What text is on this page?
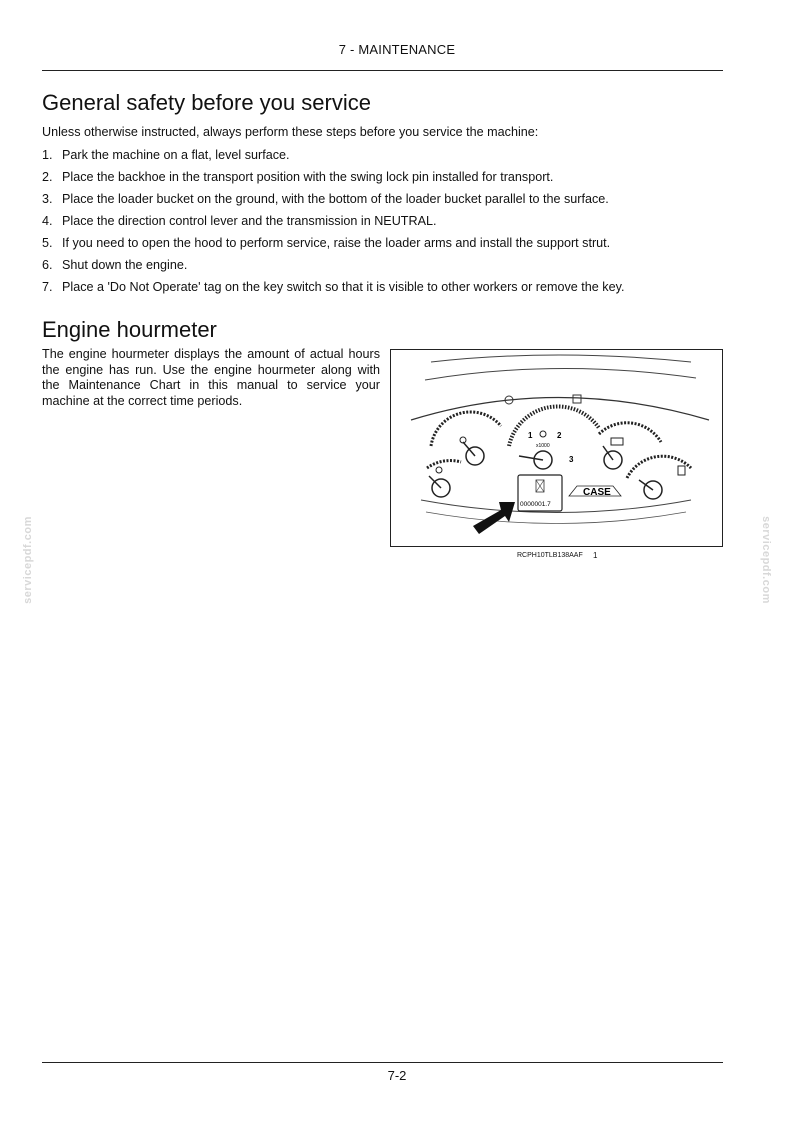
7 - MAINTENANCE
General safety before you service
Unless otherwise instructed, always perform these steps before you service the machine:
1. Park the machine on a flat, level surface.
2. Place the backhoe in the transport position with the swing lock pin installed for transport.
3. Place the loader bucket on the ground, with the bottom of the loader bucket parallel to the surface.
4. Place the direction control lever and the transmission in NEUTRAL.
5. If you need to open the hood to perform service, raise the loader arms and install the support strut.
6. Shut down the engine.
7. Place a 'Do Not Operate' tag on the key switch so that it is visible to other workers or remove the key.
Engine hourmeter
The engine hourmeter displays the amount of actual hours the engine has run. Use the engine hourmeter along with the Maintenance Chart in this manual to service your machine at the correct time periods.
1	2
3
x1000
0000001.7
CASE
RCPH10TLB138AAF 1
servicepdf.com	servicepdf.com
7-2
